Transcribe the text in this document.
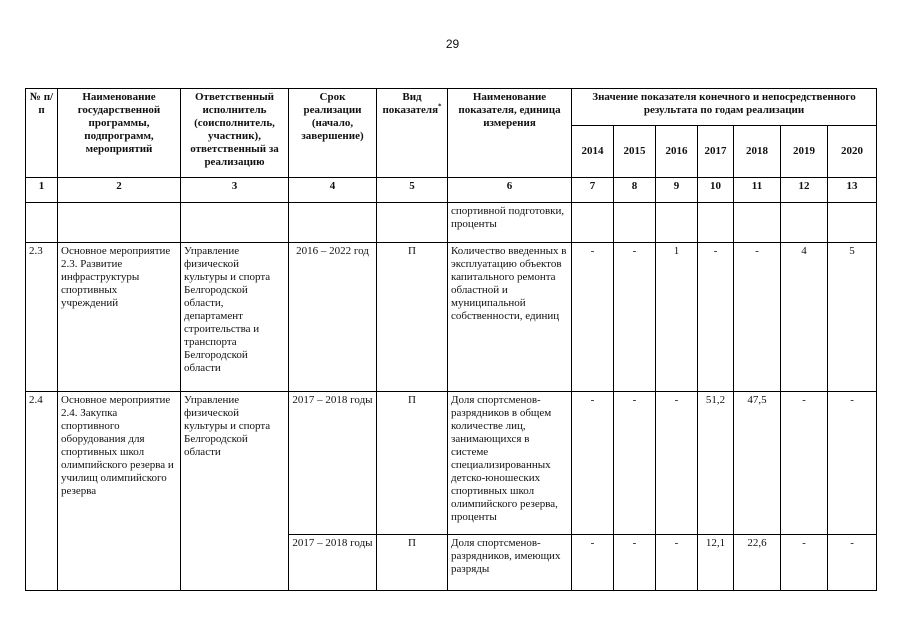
29
№ п/п	Наименование государственной программы, подпрограмм, мероприятий	Ответственный исполнитель (соисполнитель, участник), ответственный за реализацию	Срок реализации (начало, завершение)	Вид показателя*	Наименование показателя, единица измерения	Значение показателя конечного и непосредственного результата по годам реализации						
						2014	2015	2016	2017	2018	2019	2020
1	2	3	4	5	6	7	8	9	10	11	12	13
					спортивной подготовки, проценты							
2.3	Основное мероприятие 2.3. Развитие инфраструктуры спортивных учреждений	Управление физической культуры и спорта Белгородской области, департамент строительства и транспорта Белгородской области	2016 – 2022 год	П	Количество введенных в эксплуатацию объектов капитального ремонта областной и муниципальной собственности, единиц	-	-	1	-	-	4	5
2.4	Основное мероприятие 2.4. Закупка спортивного оборудования для спортивных школ олимпийского резерва и училищ олимпийского резерва	Управление физической культуры и спорта Белгородской области	2017 – 2018 годы	П	Доля спортсменов-разрядников в общем количестве лиц, занимающихся в системе специализированных детско-юношеских спортивных школ олимпийского резерва, проценты	-	-	-	51,2	47,5	-	-
			2017 – 2018 годы	П	Доля спортсменов-разрядников, имеющих разряды	-	-	-	12,1	22,6	-	-
